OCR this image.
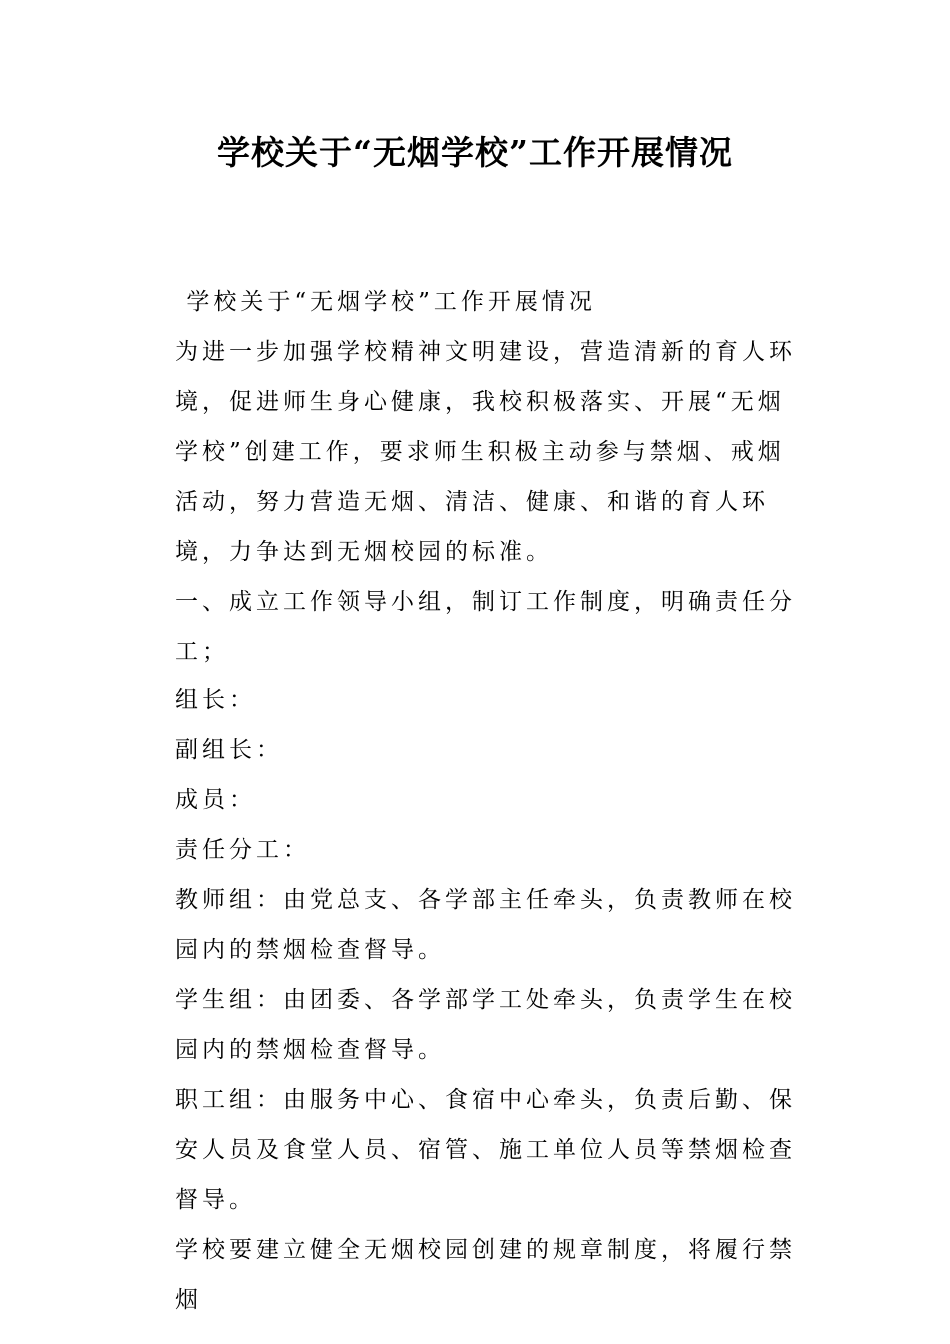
学校关于“无烟学校”工作开展情况

学校关于“无烟学校”工作开展情况

为进一步加强学校精神文明建设，营造清新的育人环境，促进师生身心健康，我校积极落实、开展“无烟学校”创建工作，要求师生积极主动参与禁烟、戒烟活动，努力营造无烟、清洁、健康、和谐的育人环境，力争达到无烟校园的标准。

一、成立工作领导小组，制订工作制度，明确责任分工；

组长：

副组长：

成员：

责任分工：

教师组：由党总支、各学部主任牵头，负责教师在校园内的禁烟检查督导。

学生组：由团委、各学部学工处牵头，负责学生在校园内的禁烟检查督导。

职工组：由服务中心、食宿中心牵头，负责后勤、保安人员及食堂人员、宿管、施工单位人员等禁烟检查督导。

学校要建立健全无烟校园创建的规章制度，将履行禁烟
